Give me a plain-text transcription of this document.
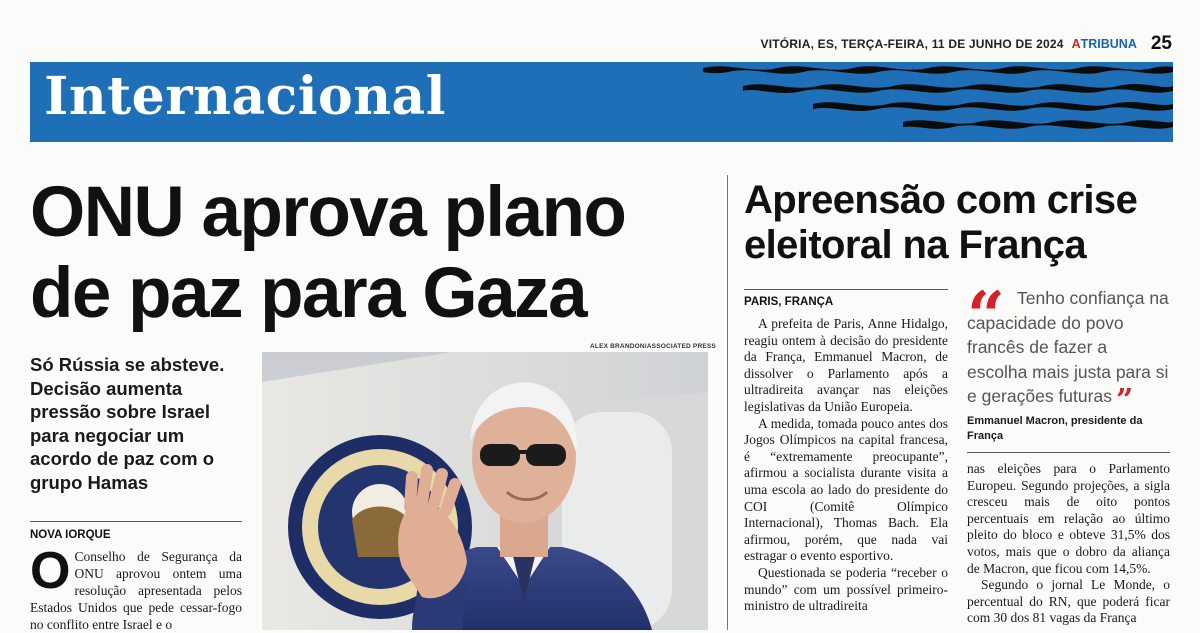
VITÓRIA, ES, TERÇA-FEIRA, 11 DE JUNHO DE 2024 ATRIBUNA 25
Internacional
ONU aprova plano de paz para Gaza
Só Rússia se absteve. Decisão aumenta pressão sobre Israel para negociar um acordo de paz com o grupo Hamas
NOVA IORQUE
O Conselho de Segurança da ONU aprovou ontem uma resolução apresentada pelos Estados Unidos que pede cessar-fogo no conflito entre Israel e o
ALEX BRANDON/ASSOCIATED PRESS
Apreensão com crise eleitoral na França
PARIS, FRANÇA

A prefeita de Paris, Anne Hidalgo, reagiu ontem à decisão do presidente da França, Emmanuel Macron, de dissolver o Parlamento após a ultradireita avançar nas eleições legislativas da União Europeia.

A medida, tomada pouco antes dos Jogos Olímpicos na capital francesa, é “extremamente preocupante”, afirmou a socialista durante visita a uma escola ao lado do presidente do COI (Comitê Olímpico Internacional), Thomas Bach. Ela afirmou, porém, que nada vai estragar o evento esportivo.

Questionada se poderia “receber o mundo” com um possível primeiro-ministro de ultradireita

“ Tenho confiança na capacidade do povo francês de fazer a escolha mais justa para si e gerações futuras ”

Emmanuel Macron, presidente da França

nas eleições para o Parlamento Europeu. Segundo projeções, a sigla cresceu mais de oito pontos percentuais em relação ao último pleito do bloco e obteve 31,5% dos votos, mais que o dobro da aliança de Macron, que ficou com 14,5%.

Segundo o jornal Le Monde, o percentual do RN, que poderá ficar com 30 dos 81 vagas da França
